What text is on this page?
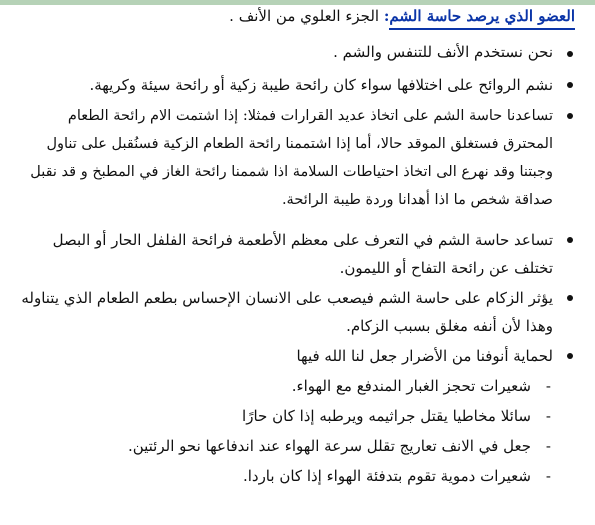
العضو الذي يرصد حاسة الشم: الجزء العلوي من الأنف .
نحن نستخدم الأنف للتنفس والشم .
نشم الروائح على اختلافها سواء كان رائحة طيبة زكية أو رائحة سيئة وكريهة.
تساعدنا حاسة الشم على اتخاذ عديد القرارات فمثلا: إذا اشتمت الام رائحة الطعام المحترق فستغلق الموقد حالا، أما إذا اشتممنا رائحة الطعام الزكية فسنُقبل على تناول وجبتنا وقد نهرع الى اتخاذ احتياطات السلامة اذا شممنا رائحة الغاز في المطبخ و قد نقبل صداقة شخص ما اذا أهدانا وردة طيبة الرائحة.
تساعد حاسة الشم في التعرف على معظم الأطعمة فرائحة الفلفل الحار أو البصل تختلف عن رائحة التفاح أو الليمون.
يؤثر الزكام على حاسة الشم فيصعب على الانسان الإحساس بطعم الطعام الذي يتناوله وهذا لأن أنفه مغلق بسبب الزكام.
لحماية أنوفنا من الأضرار جعل لنا الله فيها
-
شعيرات تحجز الغبار المندفع مع الهواء.
-
سائلا مخاطيا يقتل جراثيمه ويرطبه إذا كان حارًا
-
جعل في الانف تعاريج تقلل سرعة الهواء عند اندفاعها نحو الرئتين.
-
شعيرات دموية تقوم بتدفئة الهواء إذا كان باردا.
